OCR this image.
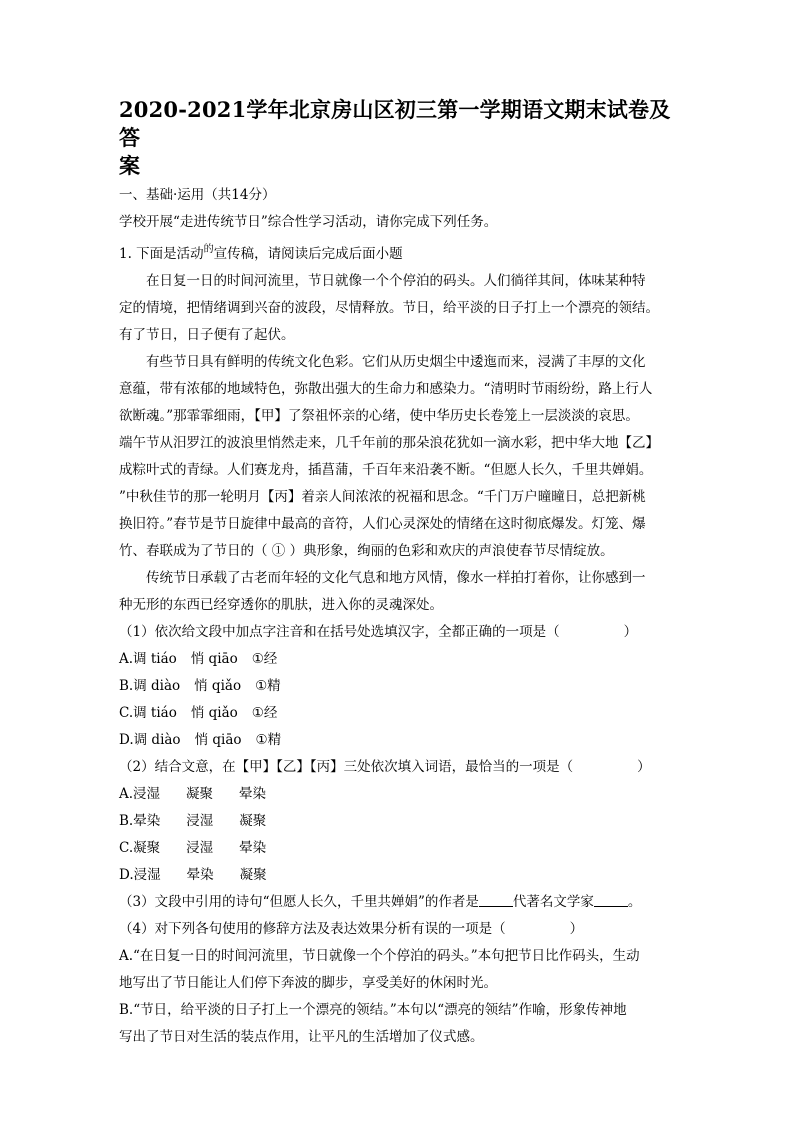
2020-2021学年北京房山区初三第一学期语文期末试卷及答
案
一、基础·运用（共14分）
学校开展“走进传统节日”综合性学习活动，请你完成下列任务。
1. 下面是活动$^的$宣传稿，请阅读后完成后面小题
在日复一日的时间河流里，节日就像一个个停泊的码头。人们徜徉其间，体味某种特
定的情境，把情绪调到兴奋的波段，尽情释放。节日，给平淡的日子打上一个漂亮的领结。
有了节日，日子便有了起伏。
有些节日具有鲜明的传统文化色彩。它们从历史烟尘中逶迤而来，浸满了丰厚的文化
意蕴，带有浓郁的地域特色，弥散出强大的生命力和感染力。“清明时节雨纷纷，路上行人
欲断魂。”那霏霏细雨，【甲】了祭祖怀亲的心绪，使中华历史长卷笼上一层淡淡的哀思。
端午节从汨罗江的波浪里悄然走来，几千年前的那朵浪花犹如一滴水彩，把中华大地【乙】
成粽叶式的青绿。人们赛龙舟，插菖蒲，千百年来沿袭不断。“但愿人长久，千里共婵娟。
”中秋佳节的那一轮明月【丙】着亲人间浓浓的祝福和思念。“千门万户曈曈日，总把新桃
换旧符。”春节是节日旋律中最高的音符，人们心灵深处的情绪在这时彻底爆发。灯笼、爆
竹、春联成为了节日的（ ① ）典形象，绚丽的色彩和欢庆的声浪使春节尽情绽放。
传统节日承载了古老而年轻的文化气息和地方风情，像水一样拍打着你，让你感到一
种无形的东西已经穿透你的肌肤，进入你的灵魂深处。
（1）依次给文段中加点字注音和在括号处选填汉字，全都正确的一项是（	）
A.调 tiáo 悄 qiāo ①经
B.调 diào 悄 qiǎo ①精
C.调 tiáo 悄 qiǎo ①经
D.调 diào 悄 qiāo ①精
（2）结合文意，在【甲】【乙】【丙】三处依次填入词语，最恰当的一项是（	）
A.浸湿 凝聚 晕染
B.晕染 浸湿 凝聚
C.凝聚 浸湿 晕染
D.浸湿 晕染 凝聚
（3）文段中引用的诗句“但愿人长久，千里共婵娟”的作者是	代著名文学家	。
（4）对下列各句使用的修辞方法及表达效果分析有误的一项是（	）
A.“在日复一日的时间河流里，节日就像一个个停泊的码头。”本句把节日比作码头，生动
地写出了节日能让人们停下奔波的脚步，享受美好的休闲时光。
B.“节日，给平淡的日子打上一个漂亮的领结。”本句以“漂亮的领结”作喻，形象传神地
写出了节日对生活的装点作用，让平凡的生活增加了仪式感。
